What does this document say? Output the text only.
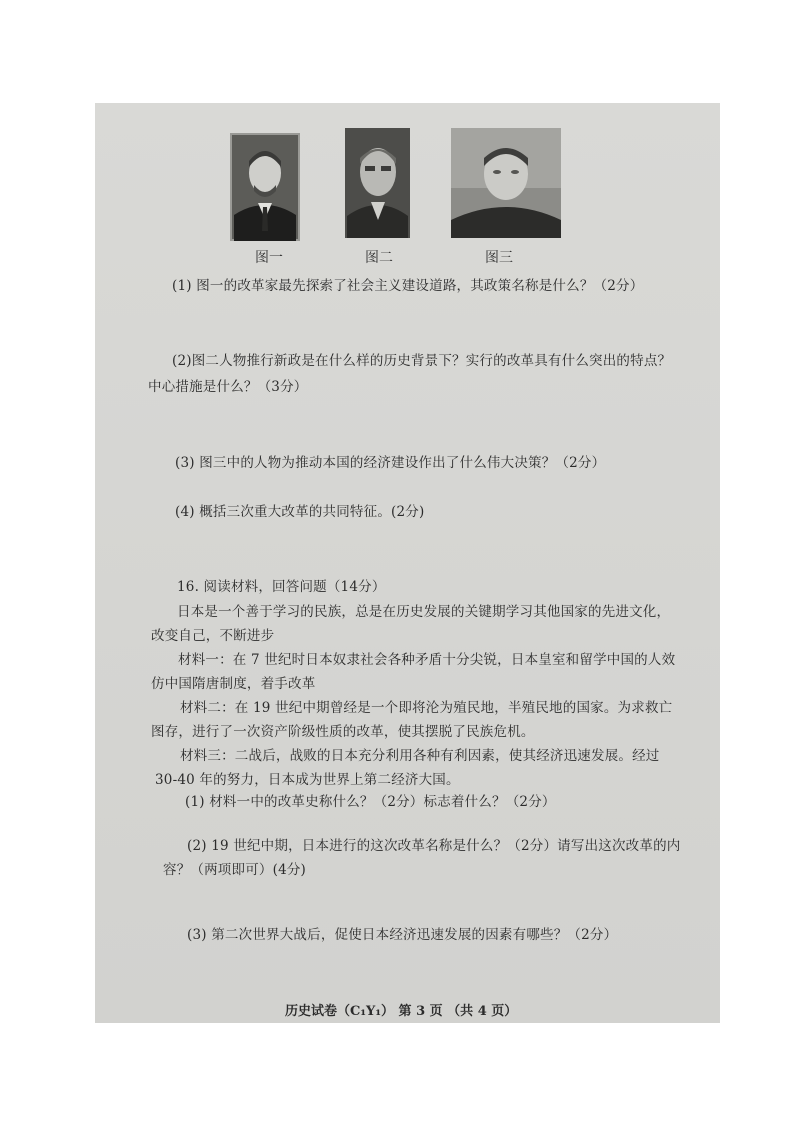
图一	图二	图三
(1) 图一的改革家最先探索了社会主义建设道路，其政策名称是什么？（2分）
(2)图二人物推行新政是在什么样的历史背景下？实行的改革具有什么突出的特点？
中心措施是什么？（3分）
(3) 图三中的人物为推动本国的经济建设作出了什么伟大决策？（2分）
(4) 概括三次重大改革的共同特征。(2分)
16. 阅读材料，回答问题（14分）
日本是一个善于学习的民族，总是在历史发展的关键期学习其他国家的先进文化，
改变自己，不断进步
材料一：在 7 世纪时日本奴隶社会各种矛盾十分尖锐，日本皇室和留学中国的人效
仿中国隋唐制度，着手改革
材料二：在 19 世纪中期曾经是一个即将沦为殖民地，半殖民地的国家。为求救亡
图存，进行了一次资产阶级性质的改革，使其摆脱了民族危机。
材料三：二战后，战败的日本充分利用各种有利因素，使其经济迅速发展。经过
30-40 年的努力，日本成为世界上第二经济大国。
(1) 材料一中的改革史称什么？（2分）标志着什么？（2分）
(2) 19 世纪中期，日本进行的这次改革名称是什么？（2分）请写出这次改革的内
容？（两项即可）(4分)
(3) 第二次世界大战后，促使日本经济迅速发展的因素有哪些？（2分）
历史试卷（C₁Y₁） 第 3 页 （共 4 页）
